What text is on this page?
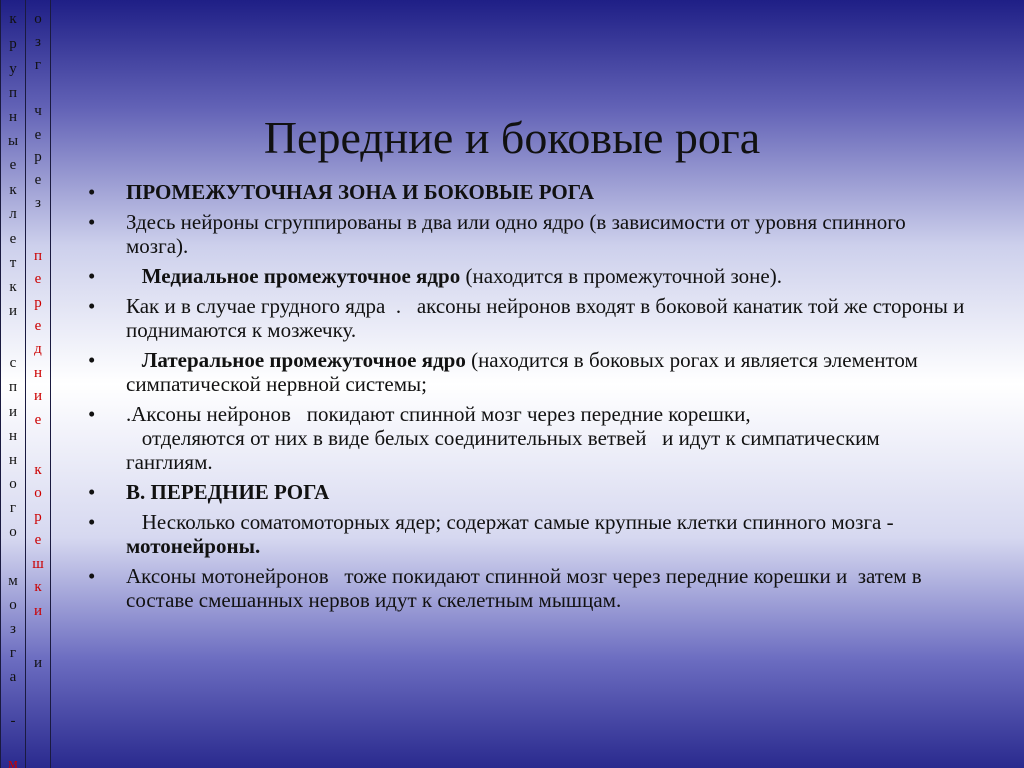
к
р
у
п
н
ы
е
к
л
е
т
к
и
с
п
и
н
н
о
г
о
м
о
з
г
а
-
м
о
з
г
ч
е
р
е
з
п
е
р
е
д
н
и
е
к
о
р
е
ш
к
и
и
Передние и боковые рога
•	ПРОМЕЖУТОЧНАЯ ЗОНА И БОКОВЫЕ РОГА
•	Здесь нейроны сгруппированы в два или одно ядро (в зависимости от уровня спинного мозга).
•	Медиальное промежуточное ядро (находится в промежуточной зоне).
•	Как и в случае грудного ядра  .   аксоны нейронов входят в боковой канатик той же стороны и  поднимаются к мозжечку.
•	Латеральное промежуточное ядро (находится в боковых рогах и является элементом симпатической нервной системы;
•	.Аксоны нейронов   покидают спинной мозг через передние корешки,
отделяются от них в виде белых соединительных ветвей   и идут к симпатическим ганглиям.
•	В. ПЕРЕДНИЕ РОГА
•	Несколько соматомоторных ядер; содержат самые крупные клетки спинного мозга - мотонейроны.
•	Аксоны мотонейронов   тоже покидают спинной мозг через передние корешки и  затем в составе смешанных нервов идут к скелетным мышцам.
